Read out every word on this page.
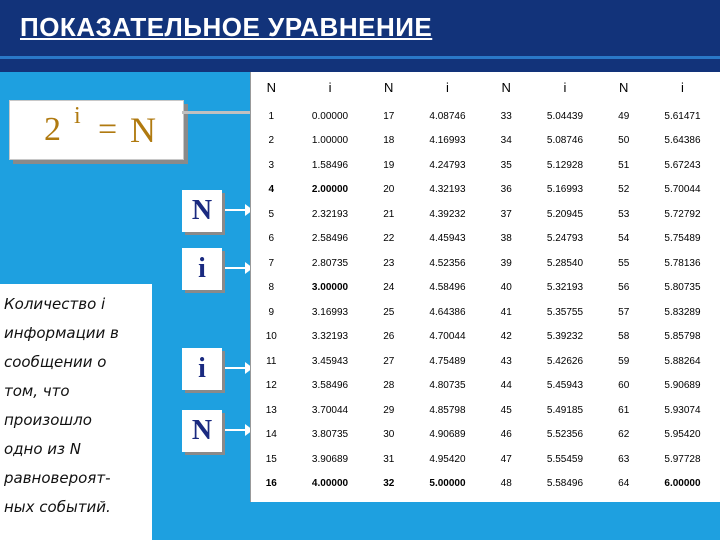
ПОКАЗАТЕЛЬНОЕ УРАВНЕНИЕ
2 i = N
N
i
i
N
Количество i
информации в
сообщении о
том, что
произошло
одно из N
равновероят-
ных событий.
N	i	N	i	N	i	N	i
1	0.00000	17	4.08746	33	5.04439	49	5.61471
2	1.00000	18	4.16993	34	5.08746	50	5.64386
3	1.58496	19	4.24793	35	5.12928	51	5.67243
4	2.00000	20	4.32193	36	5.16993	52	5.70044
5	2.32193	21	4.39232	37	5.20945	53	5.72792
6	2.58496	22	4.45943	38	5.24793	54	5.75489
7	2.80735	23	4.52356	39	5.28540	55	5.78136
8	3.00000	24	4.58496	40	5.32193	56	5.80735
9	3.16993	25	4.64386	41	5.35755	57	5.83289
10	3.32193	26	4.70044	42	5.39232	58	5.85798
11	3.45943	27	4.75489	43	5.42626	59	5.88264
12	3.58496	28	4.80735	44	5.45943	60	5.90689
13	3.70044	29	4.85798	45	5.49185	61	5.93074
14	3.80735	30	4.90689	46	5.52356	62	5.95420
15	3.90689	31	4.95420	47	5.55459	63	5.97728
16	4.00000	32	5.00000	48	5.58496	64	6.00000
